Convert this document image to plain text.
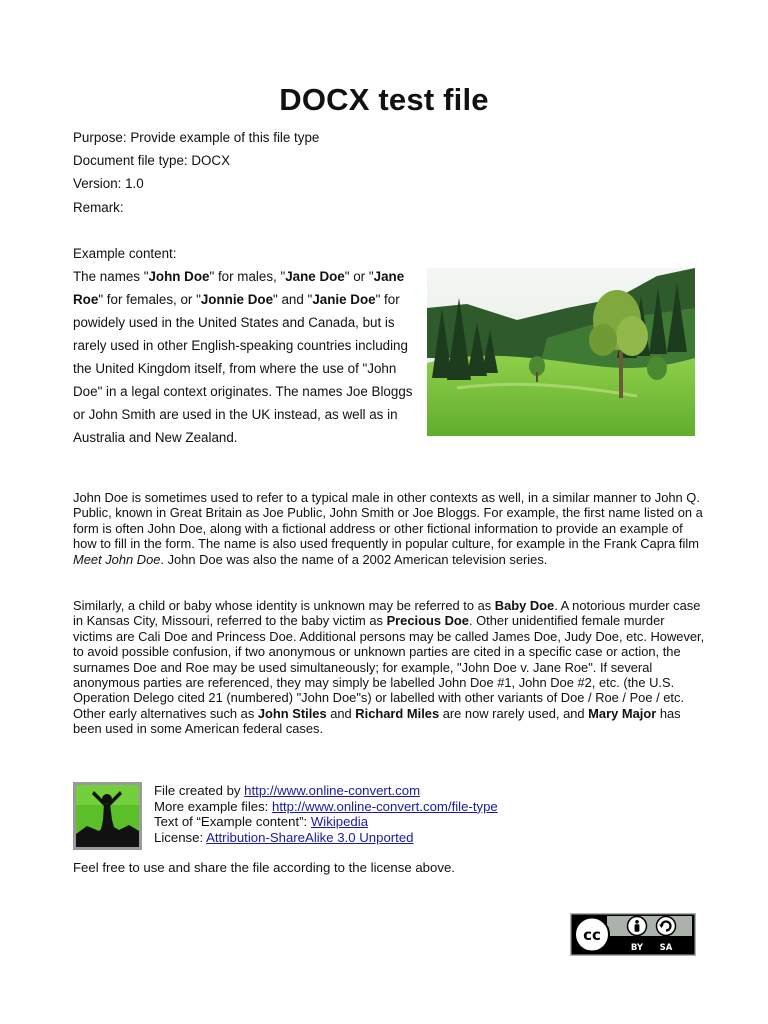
DOCX test file
Purpose: Provide example of this file type
Document file type: DOCX
Version: 1.0
Remark:
Example content:

The names "John Doe" for males, "Jane Doe" or "Jane Roe" for females, or "Jonnie Doe" and "Janie Doe" for powidely used in the United States and Canada, but is rarely used in other English-speaking countries including the United Kingdom itself, from where the use of "John Doe" in a legal context originates. The names Joe Bloggs or John Smith are used in the UK instead, as well as in Australia and New Zealand.

John Doe is sometimes used to refer to a typical male in other contexts as well, in a similar manner to John Q. Public, known in Great Britain as Joe Public, John Smith or Joe Bloggs. For example, the first name listed on a form is often John Doe, along with a fictional address or other fictional information to provide an example of how to fill in the form. The name is also used frequently in popular culture, for example in the Frank Capra film Meet John Doe. John Doe was also the name of a 2002 American television series.

Similarly, a child or baby whose identity is unknown may be referred to as Baby Doe. A notorious murder case in Kansas City, Missouri, referred to the baby victim as Precious Doe. Other unidentified female murder victims are Cali Doe and Princess Doe. Additional persons may be called James Doe, Judy Doe, etc. However, to avoid possible confusion, if two anonymous or unknown parties are cited in a specific case or action, the surnames Doe and Roe may be used simultaneously; for example, "John Doe v. Jane Roe". If several anonymous parties are referenced, they may simply be labelled John Doe #1, John Doe #2, etc. (the U.S. Operation Delego cited 21 (numbered) "John Doe"s) or labelled with other variants of Doe / Roe / Poe / etc. Other early alternatives such as John Stiles and Richard Miles are now rarely used, and Mary Major has been used in some American federal cases.

File created by http://www.online-convert.com
More example files: http://www.online-convert.com/file-type
Text of “Example content”: Wikipedia
License: Attribution-ShareAlike 3.0 Unported
Feel free to use and share the file according to the license above.
cc
BY SA
